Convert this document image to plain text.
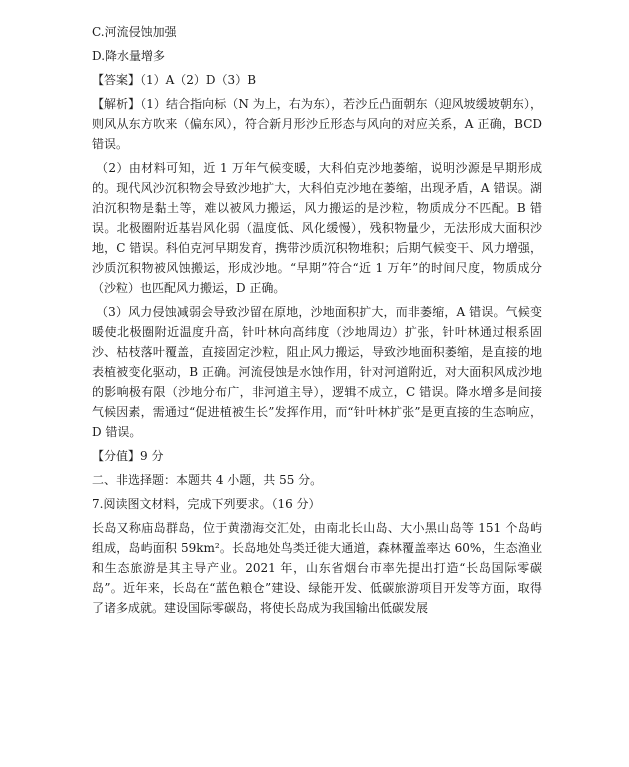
C.河流侵蚀加强
D.降水量增多
【答案】（1）A（2）D（3）B
【解析】（1）结合指向标（N 为上，右为东），若沙丘凸面朝东（迎风坡缓坡朝东），则风从东方吹来（偏东风），符合新月形沙丘形态与风向的对应关系，A 正确，BCD 错误。
（2）由材料可知，近 1 万年气候变暖，大科伯克沙地萎缩，说明沙源是早期形成的。现代风沙沉积物会导致沙地扩大，大科伯克沙地在萎缩，出现矛盾，A 错误。湖泊沉积物是黏土等，难以被风力搬运，风力搬运的是沙粒，物质成分不匹配。B 错误。北极圈附近基岩风化弱（温度低、风化缓慢），残积物量少，无法形成大面积沙地，C 错误。科伯克河早期发育，携带沙质沉积物堆积；后期气候变干、风力增强，沙质沉积物被风蚀搬运，形成沙地。“早期”符合“近 1 万年”的时间尺度，物质成分（沙粒）也匹配风力搬运，D 正确。
（3）风力侵蚀减弱会导致沙留在原地，沙地面积扩大，而非萎缩，A 错误。气候变暖使北极圈附近温度升高，针叶林向高纬度（沙地周边）扩张，针叶林通过根系固沙、枯枝落叶覆盖，直接固定沙粒，阻止风力搬运，导致沙地面积萎缩，是直接的地表植被变化驱动，B 正确。河流侵蚀是水蚀作用，针对河道附近，对大面积风成沙地的影响极有限（沙地分布广，非河道主导），逻辑不成立，C 错误。降水增多是间接气候因素，需通过“促进植被生长”发挥作用，而“针叶林扩张”是更直接的生态响应，D 错误。
【分值】9 分
二、非选择题：本题共 4 小题，共 55 分。
7.阅读图文材料，完成下列要求。（16 分）
长岛又称庙岛群岛，位于黄渤海交汇处，由南北长山岛、大小黑山岛等 151 个岛屿组成，岛屿面积 59km²。长岛地处鸟类迁徙大通道，森林覆盖率达 60%，生态渔业和生态旅游是其主导产业。2021 年，山东省烟台市率先提出打造“长岛国际零碳岛”。近年来，长岛在“蓝色粮仓”建设、绿能开发、低碳旅游项目开发等方面，取得了诸多成就。建设国际零碳岛，将使长岛成为我国输出低碳发展
